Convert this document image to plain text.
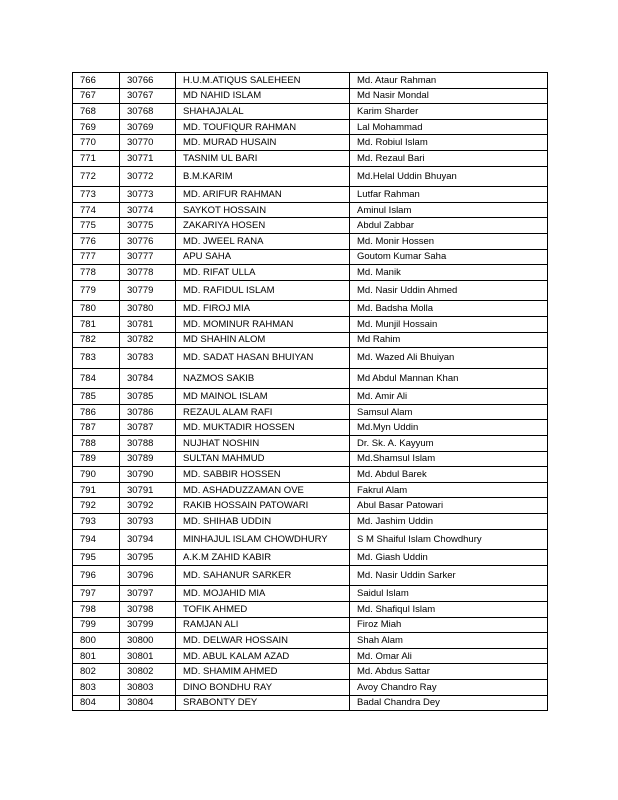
766	30766	H.U.M.ATIQUS SALEHEEN	Md. Ataur Rahman
767	30767	MD NAHID ISLAM	Md Nasir Mondal
768	30768	SHAHAJALAL	Karim Sharder
769	30769	MD. TOUFIQUR RAHMAN	Lal Mohammad
770	30770	MD. MURAD HUSAIN	Md. Robiul Islam
771	30771	TASNIM UL BARI	Md. Rezaul Bari
772	30772	B.M.KARIM	Md.Helal Uddin Bhuyan
773	30773	MD. ARIFUR RAHMAN	Lutfar Rahman
774	30774	SAYKOT HOSSAIN	Aminul Islam
775	30775	ZAKARIYA HOSEN	Abdul Zabbar
776	30776	MD. JWEEL RANA	Md. Monir Hossen
777	30777	APU SAHA	Goutom Kumar Saha
778	30778	MD. RIFAT ULLA	Md. Manik
779	30779	MD. RAFIDUL ISLAM	Md. Nasir Uddin Ahmed
780	30780	MD. FIROJ MIA	Md. Badsha Molla
781	30781	MD. MOMINUR RAHMAN	Md. Munjil Hossain
782	30782	MD SHAHIN ALOM	Md Rahim
783	30783	MD. SADAT HASAN BHUIYAN	Md. Wazed Ali Bhuiyan
784	30784	NAZMOS SAKIB	Md Abdul Mannan Khan
785	30785	MD MAINOL ISLAM	Md. Amir Ali
786	30786	REZAUL ALAM RAFI	Samsul Alam
787	30787	MD. MUKTADIR HOSSEN	Md.Myn Uddin
788	30788	NUJHAT NOSHIN	Dr. Sk. A. Kayyum
789	30789	SULTAN MAHMUD	Md.Shamsul Islam
790	30790	MD. SABBIR HOSSEN	Md. Abdul Barek
791	30791	MD. ASHADUZZAMAN OVE	Fakrul Alam
792	30792	RAKIB HOSSAIN PATOWARI	Abul Basar Patowari
793	30793	MD. SHIHAB UDDIN	Md. Jashim Uddin
794	30794	MINHAJUL ISLAM CHOWDHURY	S M Shaiful Islam Chowdhury
795	30795	A.K.M ZAHID KABIR	Md. Giash Uddin
796	30796	MD. SAHANUR SARKER	Md. Nasir Uddin Sarker
797	30797	MD. MOJAHID MIA	Saidul Islam
798	30798	TOFIK AHMED	Md. Shafiqul Islam
799	30799	RAMJAN ALI	Firoz Miah
800	30800	MD. DELWAR HOSSAIN	Shah Alam
801	30801	MD. ABUL KALAM AZAD	Md. Omar Ali
802	30802	MD. SHAMIM AHMED	Md. Abdus Sattar
803	30803	DINO BONDHU RAY	Avoy Chandro Ray
804	30804	SRABONTY DEY	Badal Chandra Dey
